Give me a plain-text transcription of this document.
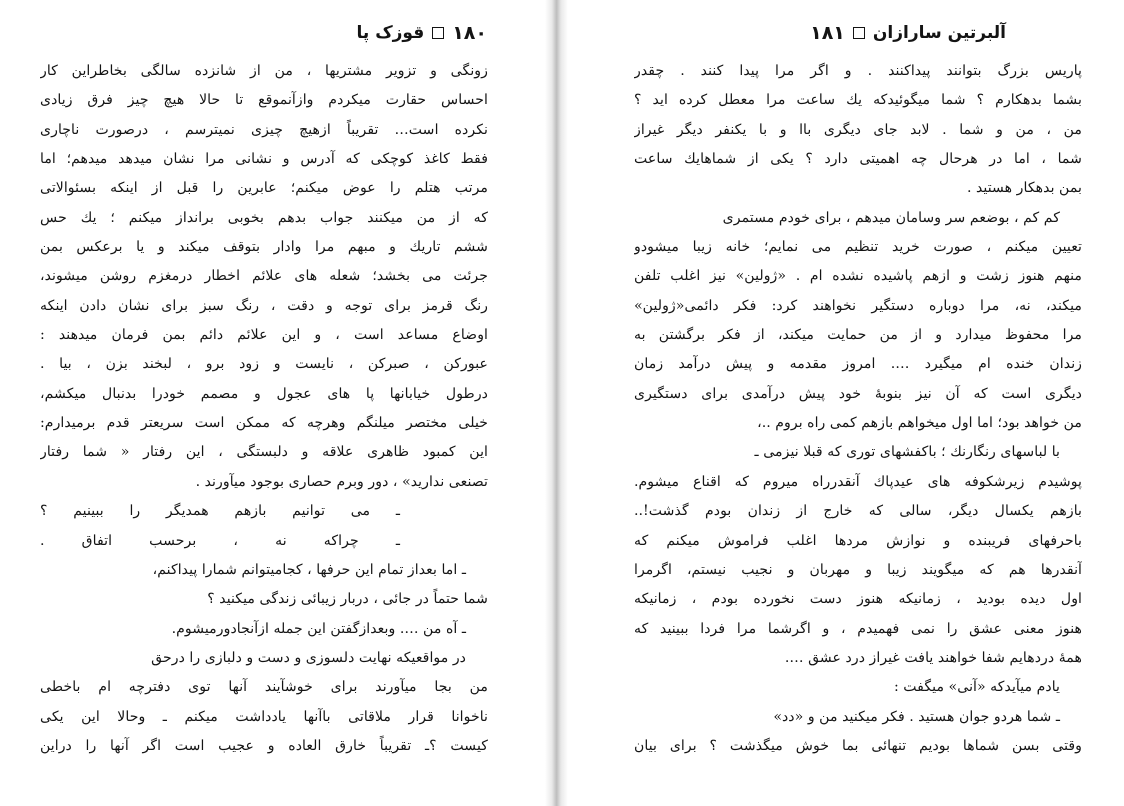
۱۸۰
قوزک پا
زونگی و تزویر مشتریها ، من از شانزده سالگی بخاطراین کار
احساس حقارت میکردم وازآنموقع تا حالا هیچ چیز فرق زیادی
نکرده است… تقریباً ازهیچ چیزی نمیترسم ، درصورت ناچاری
فقط کاغذ کوچکی که آدرس و نشانی مرا نشان میدهد میدهم؛ اما
مرتب هتلم را عوض میکنم؛ عابرین را قبل از اینکه بسئوالاتی
که از من میکنند جواب بدهم بخوبی برانداز میکنم ؛ یك حس
ششم تاریك و مبهم مرا وادار بتوقف میکند و یا برعکس بمن
جرئت می بخشد؛ شعله های علائم اخطار درمغزم روشن میشوند،
رنگ قرمز برای توجه و دقت ، رنگ سبز برای نشان دادن اینکه
اوضاع مساعد است ، و این علائم دائم بمن فرمان میدهند :
عبورکن ، صبرکن ، نایست و زود برو ، لبخند بزن ، بیا .
درطول خیابانها پا های عجول و مصمم خودرا بدنبال میکشم،
خیلی مختصر میلنگم وهرچه که ممکن است سریعتر قدم برمیدارم:
این کمبود ظاهری علاقه و دلبستگی ، این رفتار « شما رفتار
تصنعی ندارید» ، دور وبرم حصاری بوجود میآورند .
ـ می توانیم بازهم همدیگر را ببینیم ؟
ـ چراکه نه ، برحسب اتفاق .
ـ اما بعداز تمام این حرفها ، کجامیتوانم شمارا پیداکنم،
شما حتماً در جائی ، دربار زیبائی زندگی میکنید ؟
ـ آه من …. وبعدازگفتن این جمله ازآنجادورمیشوم.
در مواقعیکه نهایت دلسوزی و دست و دلبازی را درحق
من بجا میآورند برای خوشآیند آنها توی دفترچه ام باخطی
ناخوانا قرار ملاقاتی باآنها یادداشت میکنم ـ وحالا این یکی
کیست ؟ـ تقریباً خارق العاده و عجیب است اگر آنها را دراین
آلبرتین سارازان
۱۸۱
پاریس بزرگ بتوانند پیداکنند . و اگر مرا پیدا کنند . چقدر
بشما بدهکارم ؟ شما میگوئیدکه یك ساعت مرا معطل کرده اید ؟
من ، من و شما . لابد جای دیگری باا و با یکنفر دیگر غیراز
شما ، اما در هرحال چه اهمیتی دارد ؟ یکی از شماهایك ساعت
بمن بدهکار هستید .
کم کم ، بوضعم سر وسامان میدهم ، برای خودم مستمری
تعیین میکنم ، صورت خرید تنظیم می نمایم؛ خانه زیبا میشودو
منهم هنوز زشت و ازهم پاشیده نشده ام . «ژولین» نیز اغلب تلفن
میکند، نه، مرا دوباره دستگیر نخواهند کرد: فکر دائمی«ژولین»
مرا محفوظ میدارد و از من حمایت میکند، از فکر برگشتن به
زندان خنده ام میگیرد …. امروز مقدمه و پیش درآمد زمان
دیگری است که آن نیز بنوبهٔ خود پیش درآمدی برای دستگیری
من خواهد بود؛ اما اول میخواهم بازهم کمی راه بروم ..،
با لباسهای رنگارنك ؛ باکفشهای توری که قبلا نیزمی ـ
پوشیدم زیرشکوفه های عیدپاك آنقدرراه میروم که اقناع میشوم.
بازهم یکسال دیگر، سالی که خارج از زندان بودم گذشت!..
باحرفهای فریبنده و نوازش مردها اغلب فراموش میکنم که
آنقدرها هم که میگویند زیبا و مهربان و نجیب نیستم، اگرمرا
اول دیده بودید ، زمانیکه هنوز دست نخورده بودم ، زمانیکه
هنوز معنی عشق را نمی فهمیدم ، و اگرشما مرا فردا ببینید که
همهٔ دردهایم شفا خواهند یافت غیراز درد عشق ….
یادم میآیدکه «آنی» میگفت :
ـ شما هردو جوان هستید . فکر میکنید من و «دد»
وقتی بسن شماها بودیم تنهائی بما خوش میگذشت ؟ برای بیان
